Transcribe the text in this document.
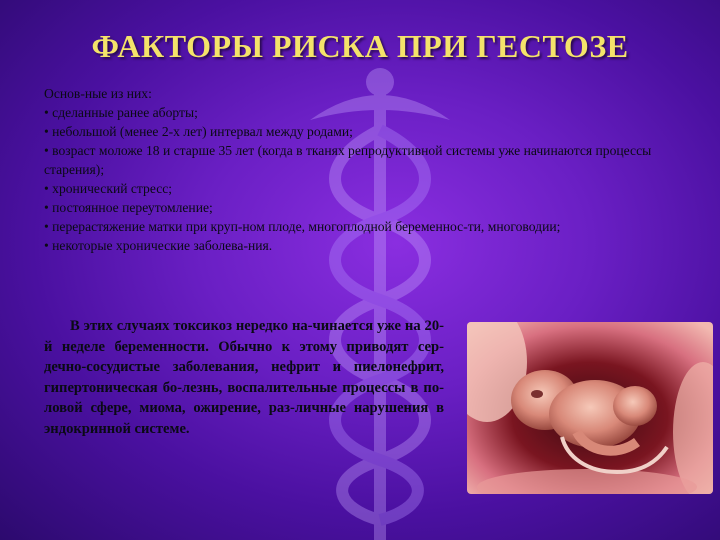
ФАКТОРЫ РИСКА ПРИ ГЕСТОЗЕ

Основ-ные из них:

• сделанные ранее аборты;

• небольшой (менее 2-х лет) интервал между родами;

• возраст моложе 18 и старше 35 лет (когда в тканях репродуктивной системы уже начинаются процессы старения);

• хронический стресс;

• постоянное переутомление;

• перерастяжение матки при круп-ном плоде, многоплодной беременнос-ти, многоводии;

• некоторые хронические заболева-ния.

В этих случаях токсикоз нередко на-чинается уже на 20-й неделе беременности. Обычно к этому приводят сер-дечно-сосудистые заболевания, нефрит и пиелонефрит, гипертоническая бо-лезнь, воспалительные процессы в по-ловой сфере, миома, ожирение, раз-личные нарушения в эндокринной системе.
